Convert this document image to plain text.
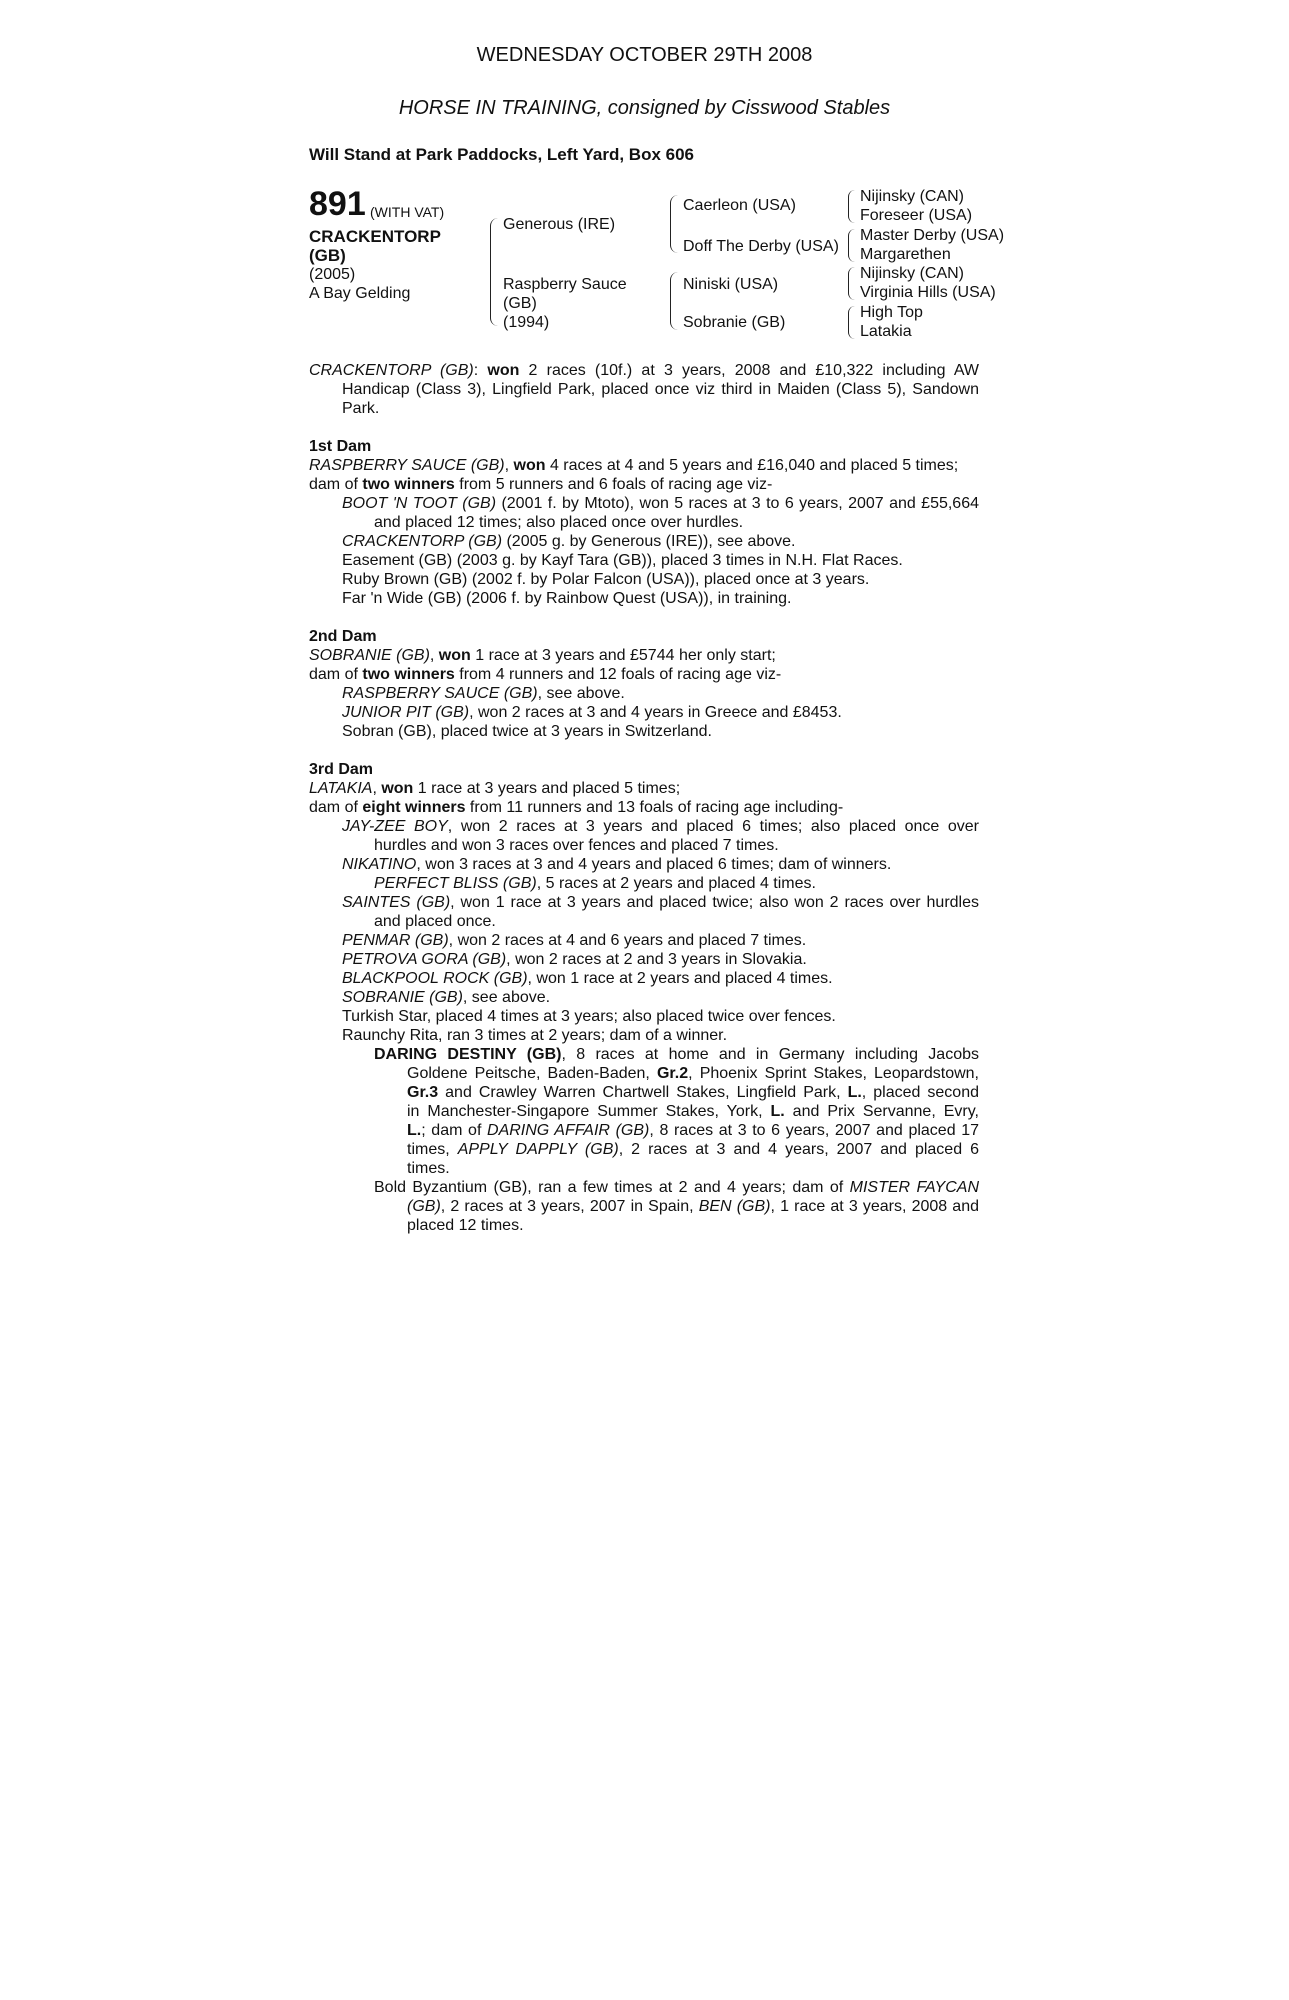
WEDNESDAY OCTOBER 29TH 2008
HORSE IN TRAINING, consigned by Cisswood Stables
Will Stand at Park Paddocks, Left Yard, Box 606
891 (WITH VAT)
CRACKENTORP
(GB)
(2005)
A Bay Gelding
Generous (IRE)
Raspberry Sauce
(GB)
(1994)
Caerleon (USA)
Doff The Derby (USA)
Niniski (USA)
Sobranie (GB)
Nijinsky (CAN)
Foreseer (USA)
Master Derby (USA)
Margarethen
Nijinsky (CAN)
Virginia Hills (USA)
High Top
Latakia
CRACKENTORP (GB): won 2 races (10f.) at 3 years, 2008 and £10,322 including AW
Handicap (Class 3), Lingfield Park, placed once viz third in Maiden (Class 5), Sandown
Park.
1st Dam
RASPBERRY SAUCE (GB), won 4 races at 4 and 5 years and £16,040 and placed 5 times;
dam of two winners from 5 runners and 6 foals of racing age viz-
BOOT 'N TOOT (GB) (2001 f. by Mtoto), won 5 races at 3 to 6 years, 2007 and £55,664
and placed 12 times; also placed once over hurdles.
CRACKENTORP (GB) (2005 g. by Generous (IRE)), see above.
Easement (GB) (2003 g. by Kayf Tara (GB)), placed 3 times in N.H. Flat Races.
Ruby Brown (GB) (2002 f. by Polar Falcon (USA)), placed once at 3 years.
Far 'n Wide (GB) (2006 f. by Rainbow Quest (USA)), in training.
2nd Dam
SOBRANIE (GB), won 1 race at 3 years and £5744 her only start;
dam of two winners from 4 runners and 12 foals of racing age viz-
RASPBERRY SAUCE (GB), see above.
JUNIOR PIT (GB), won 2 races at 3 and 4 years in Greece and £8453.
Sobran (GB), placed twice at 3 years in Switzerland.
3rd Dam
LATAKIA, won 1 race at 3 years and placed 5 times;
dam of eight winners from 11 runners and 13 foals of racing age including-
JAY-ZEE BOY, won 2 races at 3 years and placed 6 times; also placed once over
hurdles and won 3 races over fences and placed 7 times.
NIKATINO, won 3 races at 3 and 4 years and placed 6 times; dam of winners.
PERFECT BLISS (GB), 5 races at 2 years and placed 4 times.
SAINTES (GB), won 1 race at 3 years and placed twice; also won 2 races over hurdles
and placed once.
PENMAR (GB), won 2 races at 4 and 6 years and placed 7 times.
PETROVA GORA (GB), won 2 races at 2 and 3 years in Slovakia.
BLACKPOOL ROCK (GB), won 1 race at 2 years and placed 4 times.
SOBRANIE (GB), see above.
Turkish Star, placed 4 times at 3 years; also placed twice over fences.
Raunchy Rita, ran 3 times at 2 years; dam of a winner.
DARING DESTINY (GB), 8 races at home and in Germany including Jacobs
Goldene Peitsche, Baden-Baden, Gr.2, Phoenix Sprint Stakes, Leopardstown,
Gr.3 and Crawley Warren Chartwell Stakes, Lingfield Park, L., placed second
in Manchester-Singapore Summer Stakes, York, L. and Prix Servanne, Evry,
L.; dam of DARING AFFAIR (GB), 8 races at 3 to 6 years, 2007 and placed 17
times, APPLY DAPPLY (GB), 2 races at 3 and 4 years, 2007 and placed 6
times.
Bold Byzantium (GB), ran a few times at 2 and 4 years; dam of MISTER FAYCAN
(GB), 2 races at 3 years, 2007 in Spain, BEN (GB), 1 race at 3 years, 2008 and
placed 12 times.
